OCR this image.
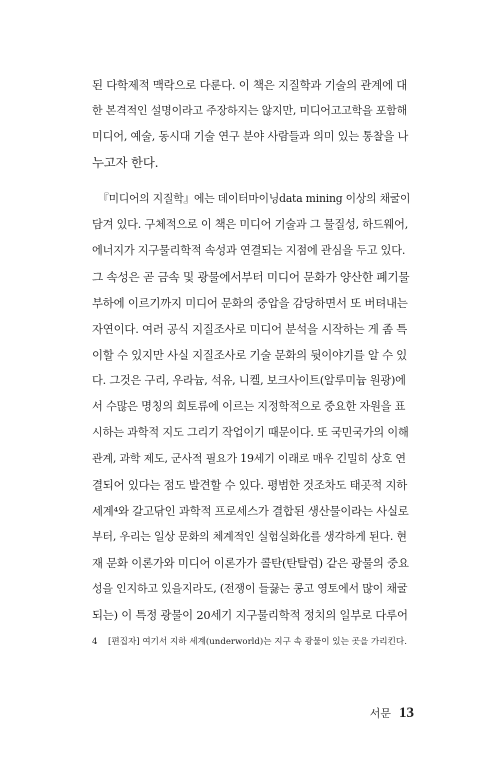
된 다학제적 맥락으로 다룬다. 이 책은 지질학과 기술의 관계에 대
한 본격적인 설명이라고 주장하지는 않지만, 미디어고고학을 포함해
미디어, 예술, 동시대 기술 연구 분야 사람들과 의미 있는 통찰을 나
누고자 한다.
『미디어의 지질학』에는 데이터마이닝data mining 이상의 채굴이
담겨 있다. 구체적으로 이 책은 미디어 기술과 그 물질성, 하드웨어,
에너지가 지구물리학적 속성과 연결되는 지점에 관심을 두고 있다.
그 속성은 곧 금속 및 광물에서부터 미디어 문화가 양산한 폐기물
부하에 이르기까지 미디어 문화의 중압을 감당하면서 또 버텨내는
자연이다. 여러 공식 지질조사로 미디어 분석을 시작하는 게 좀 특
이할 수 있지만 사실 지질조사로 기술 문화의 뒷이야기를 알 수 있
다. 그것은 구리, 우라늄, 석유, 니켈, 보크사이트(알루미늄 원광)에
서 수많은 명칭의 희토류에 이르는 지정학적으로 중요한 자원을 표
시하는 과학적 지도 그리기 작업이기 때문이다. 또 국민국가의 이해
관계, 과학 제도, 군사적 필요가 19세기 이래로 매우 긴밀히 상호 연
결되어 있다는 점도 발견할 수 있다. 평범한 것조차도 태곳적 지하
세계⁴와 갈고닦인 과학적 프로세스가 결합된 생산물이라는 사실로
부터, 우리는 일상 문화의 체계적인 실험실화化를 생각하게 된다. 현
재 문화 이론가와 미디어 이론가가 콜탄(탄탈럼) 같은 광물의 중요
성을 인지하고 있을지라도, (전쟁이 들끓는 콩고 영토에서 많이 채굴
되는) 이 특정 광물이 20세기 지구물리학적 정치의 일부로 다루어
4 [편집자] 여기서 지하 세계(underworld)는 지구 속 광물이 있는 곳을 가리킨다.
서문 13
